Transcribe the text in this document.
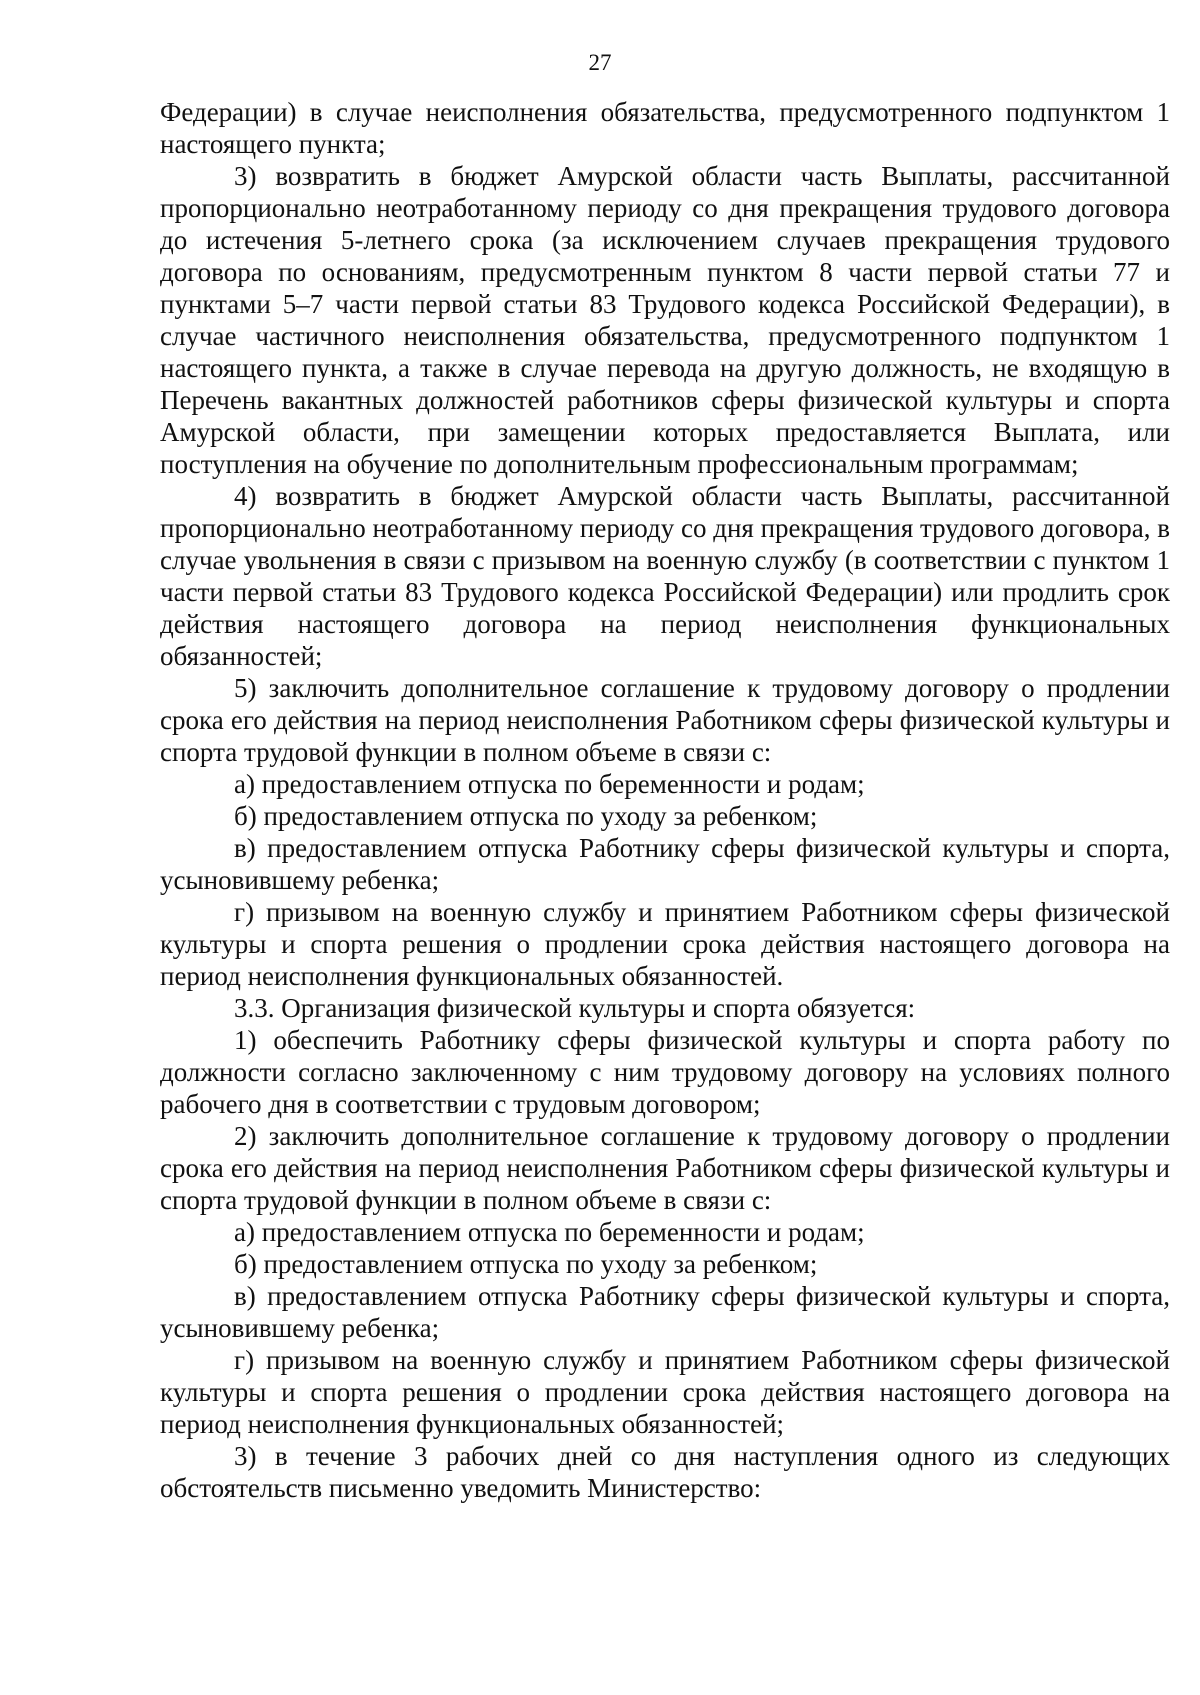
27

Федерации) в случае неисполнения обязательства, предусмотренного подпунктом 1 настоящего пункта;

3) возвратить в бюджет Амурской области часть Выплаты, рассчитанной пропорционально неотработанному периоду со дня прекращения трудового договора до истечения 5-летнего срока (за исключением случаев прекращения трудового договора по основаниям, предусмотренным пунктом 8 части первой статьи 77 и пунктами 5–7 части первой статьи 83 Трудового кодекса Российской Федерации), в случае частичного неисполнения обязательства, предусмотренного подпунктом 1 настоящего пункта, а также в случае перевода на другую должность, не входящую в Перечень вакантных должностей работников сферы физической культуры и спорта Амурской области, при замещении которых предоставляется Выплата, или поступления на обучение по дополнительным профессиональным программам;

4) возвратить в бюджет Амурской области часть Выплаты, рассчитанной пропорционально неотработанному периоду со дня прекращения трудового договора, в случае увольнения в связи с призывом на военную службу (в соответствии с пунктом 1 части первой статьи 83 Трудового кодекса Российской Федерации) или продлить срок действия настоящего договора на период неисполнения функциональных обязанностей;

5) заключить дополнительное соглашение к трудовому договору о продлении срока его действия на период неисполнения Работником сферы физической культуры и спорта трудовой функции в полном объеме в связи с:

а) предоставлением отпуска по беременности и родам;

б) предоставлением отпуска по уходу за ребенком;

в) предоставлением отпуска Работнику сферы физической культуры и спорта, усыновившему ребенка;

г) призывом на военную службу и принятием Работником сферы физической культуры и спорта решения о продлении срока действия настоящего договора на период неисполнения функциональных обязанностей.

3.3. Организация физической культуры и спорта обязуется:

1) обеспечить Работнику сферы физической культуры и спорта работу по должности согласно заключенному с ним трудовому договору на условиях полного рабочего дня в соответствии с трудовым договором;

2) заключить дополнительное соглашение к трудовому договору о продлении срока его действия на период неисполнения Работником сферы физической культуры и спорта трудовой функции в полном объеме в связи с:

а) предоставлением отпуска по беременности и родам;

б) предоставлением отпуска по уходу за ребенком;

в) предоставлением отпуска Работнику сферы физической культуры и спорта, усыновившему ребенка;

г) призывом на военную службу и принятием Работником сферы физической культуры и спорта решения о продлении срока действия настоящего договора на период неисполнения функциональных обязанностей;

3) в течение 3 рабочих дней со дня наступления одного из следующих обстоятельств письменно уведомить Министерство:
